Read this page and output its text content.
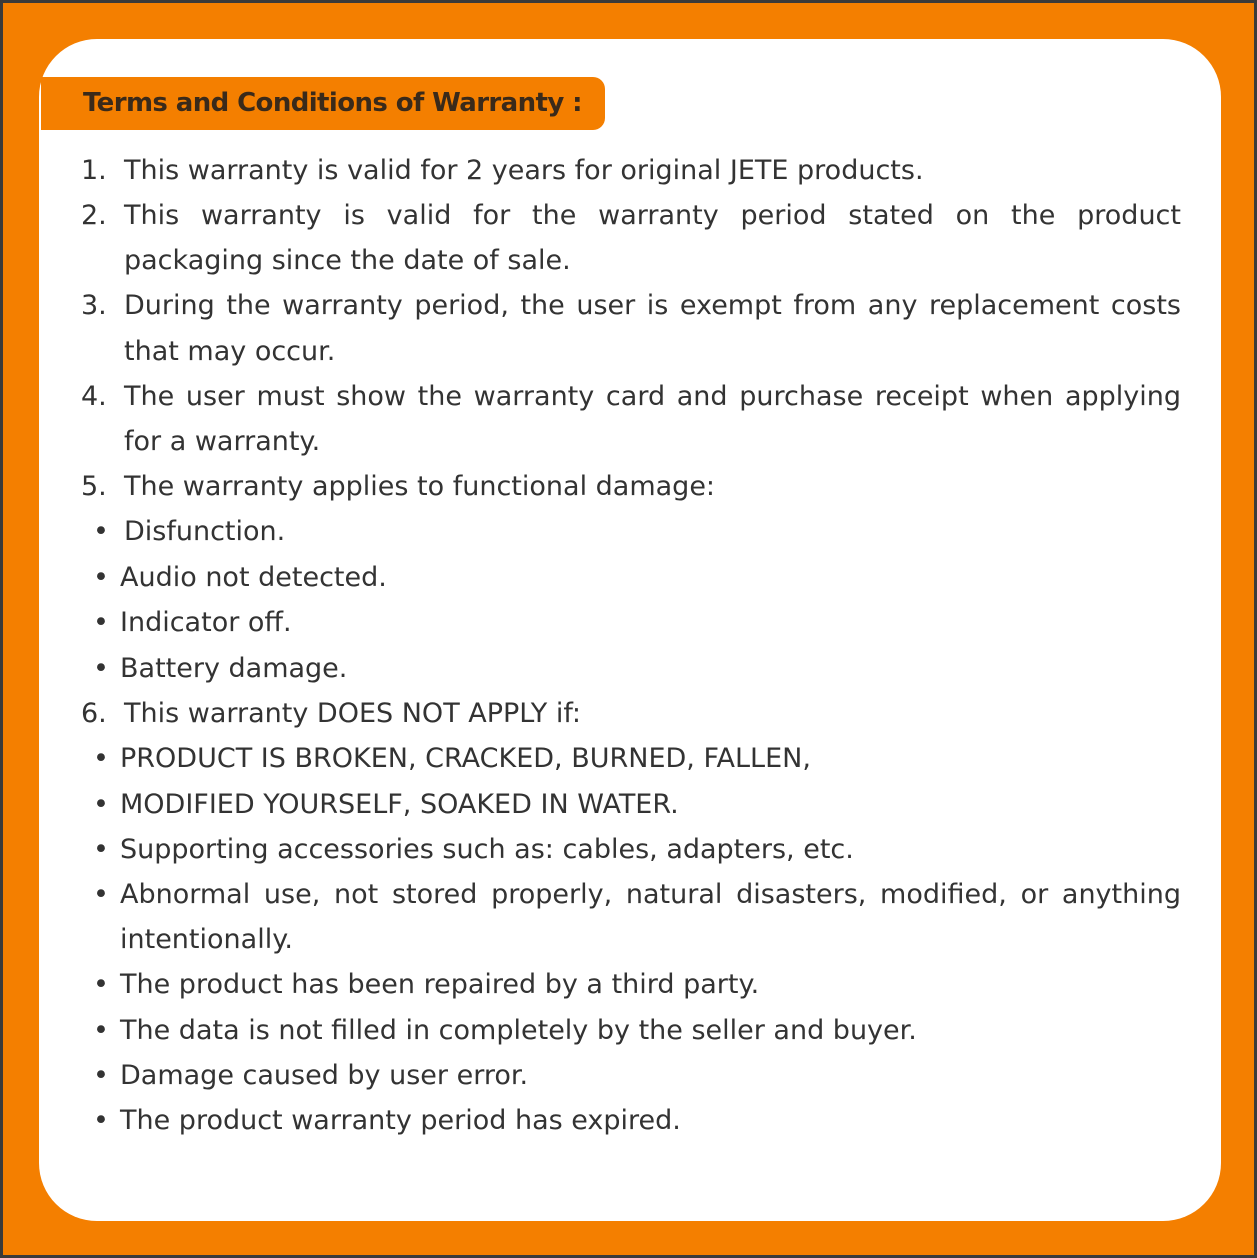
Terms and Conditions of Warranty :
1. This warranty is valid for 2 years for original JETE products.
2. This warranty is valid for the warranty period stated on the product
packaging since the date of sale.
3. During the warranty period, the user is exempt from any replacement costs
that may occur.
4. The user must show the warranty card and purchase receipt when applying
for a warranty.
5. The warranty applies to functional damage:
• Disfunction.
• Audio not detected.
• Indicator off.
• Battery damage.
6. This warranty DOES NOT APPLY if:
• PRODUCT IS BROKEN, CRACKED, BURNED, FALLEN,
• MODIFIED YOURSELF, SOAKED IN WATER.
• Supporting accessories such as: cables, adapters, etc.
• Abnormal use, not stored properly, natural disasters, modified, or anything
intentionally.
• The product has been repaired by a third party.
• The data is not filled in completely by the seller and buyer.
• Damage caused by user error.
• The product warranty period has expired.
